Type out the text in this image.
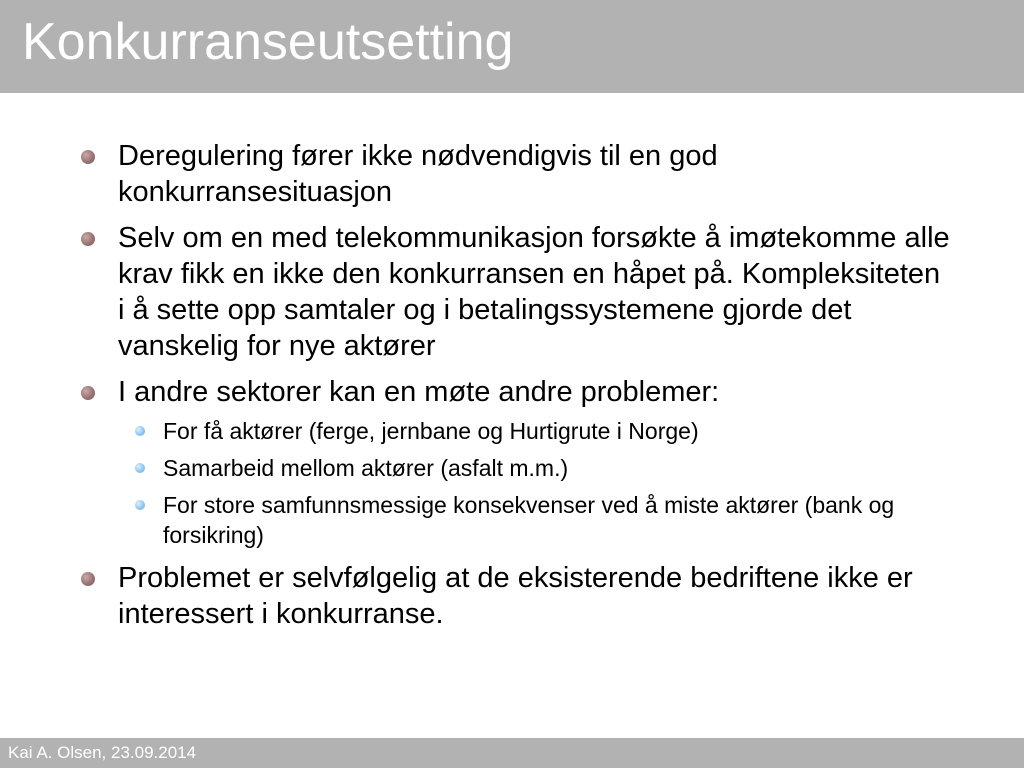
Konkurranseutsetting
Deregulering fører ikke nødvendigvis til en god konkurransesituasjon
Selv om en med telekommunikasjon forsøkte å imøtekomme alle krav fikk en ikke den konkurransen en håpet på. Kompleksiteten i å sette opp samtaler og i betalingssystemene gjorde det vanskelig for nye aktører
I andre sektorer kan en møte andre problemer:
For få aktører (ferge, jernbane og Hurtigrute i Norge)
Samarbeid mellom aktører (asfalt m.m.)
For store samfunnsmessige konsekvenser ved å miste aktører (bank og forsikring)
Problemet er selvfølgelig at de eksisterende bedriftene ikke er interessert i konkurranse.
Kai A. Olsen, 23.09.2014
